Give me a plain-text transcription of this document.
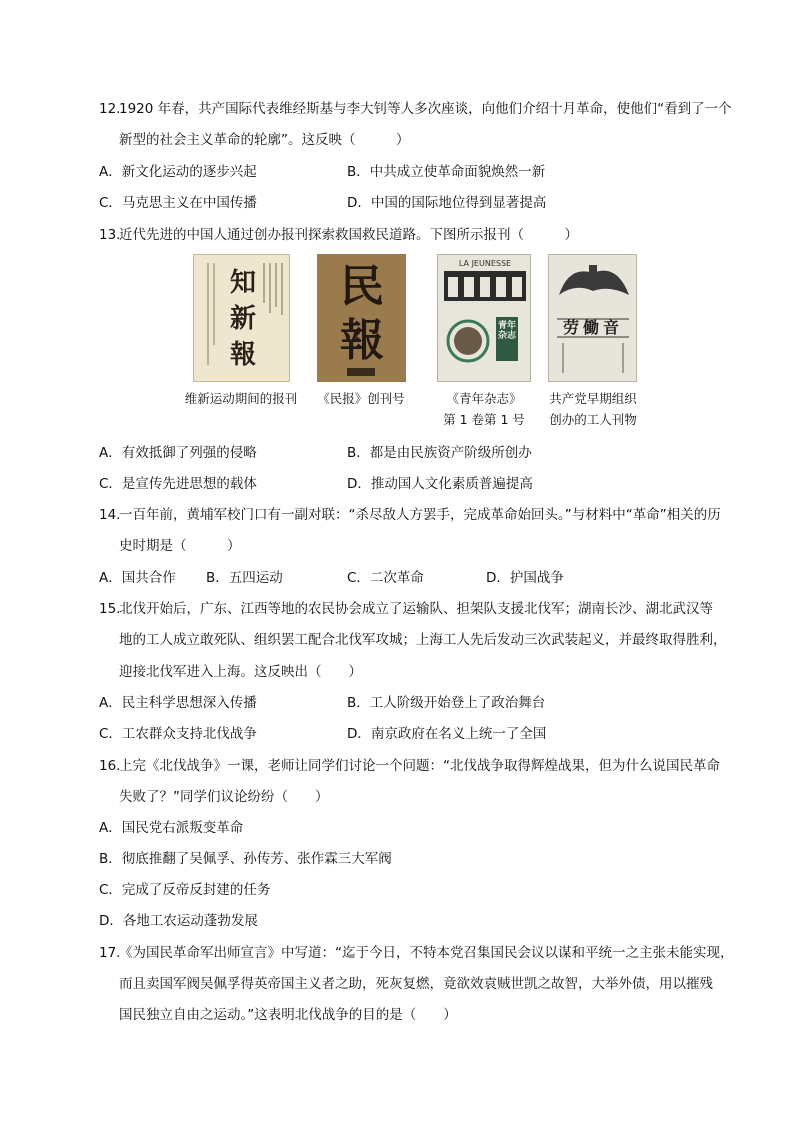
12.
1920 年春，共产国际代表维经斯基与李大钊等人多次座谈，向他们介绍十月革命，使他们“看到了一个
新型的社会主义革命的轮廓”。这反映（　　　）
A．新文化运动的逐步兴起	B．中共成立使革命面貌焕然一新
C．马克思主义在中国传播	D．中国的国际地位得到显著提高
13.
近代先进的中国人通过创办报刊探索救国救民道路。下图所示报刊（　　　）
知新報
民報
LA JEUNESSE
青年杂志	劳働音
维新运动期间的报刊	《民报》创刊号	《青年杂志》
第 1 卷第 1 号
共产党早期组织
创办的工人刊物
A．有效抵御了列强的侵略	B．都是由民族资产阶级所创办
C．是宣传先进思想的载体	D．推动国人文化素质普遍提高
14.
一百年前，黄埔军校门口有一副对联：“杀尽敌人方罢手，完成革命始回头。”与材料中“革命”相关的历
史时期是（　　　）
A．国共合作 B．五四运动	C．二次革命	D．护国战争
15.
北伐开始后，广东、江西等地的农民协会成立了运输队、担架队支援北伐军；湖南长沙、湖北武汉等
地的工人成立敢死队、组织罢工配合北伐军攻城；上海工人先后发动三次武装起义，并最终取得胜利，
迎接北伐军进入上海。这反映出（　　）
A．民主科学思想深入传播	B．工人阶级开始登上了政治舞台
C．工农群众支持北伐战争	D．南京政府在名义上统一了全国
16.
上完《北伐战争》一课，老师让同学们讨论一个问题：“北伐战争取得辉煌战果，但为什么说国民革命
失败了？”同学们议论纷纷（　　）
A．国民党右派叛变革命
B．彻底推翻了吴佩孚、孙传芳、张作霖三大军阀
C．完成了反帝反封建的任务
D．各地工农运动蓬勃发展
17.
《为国民革命军出师宣言》中写道：“迄于今日，不特本党召集国民会议以谋和平统一之主张未能实现，
而且卖国军阀吴佩孚得英帝国主义者之助，死灰复燃，竟欲效袁贼世凯之故智，大举外债，用以摧残
国民独立自由之运动。”这表明北伐战争的目的是（　　）
